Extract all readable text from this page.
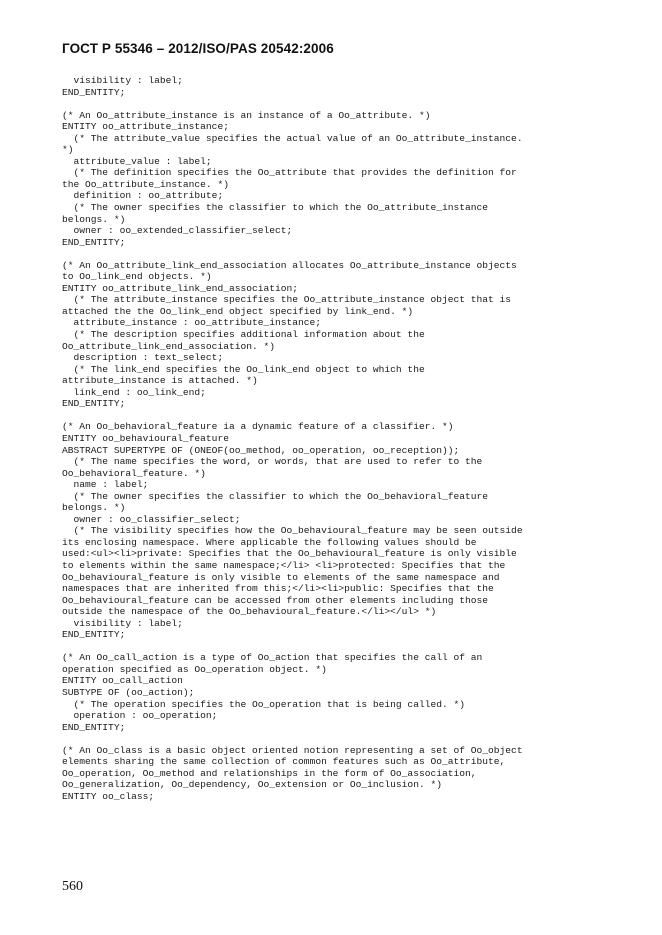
ГОСТ Р 55346 – 2012/ISO/PAS 20542:2006
visibility : label;
END_ENTITY;
(* An Oo_attribute_instance is an instance of a Oo_attribute. *)
ENTITY oo_attribute_instance;
(* The attribute_value specifies the actual value of an Oo_attribute_instance.
*)
attribute_value : label;
(* The definition specifies the Oo_attribute that provides the definition for
the Oo_attribute_instance. *)
definition : oo_attribute;
(* The owner specifies the classifier to which the Oo_attribute_instance
belongs. *)
owner : oo_extended_classifier_select;
END_ENTITY;
(* An Oo_attribute_link_end_association allocates Oo_attribute_instance objects
to Oo_link_end objects. *)
ENTITY oo_attribute_link_end_association;
(* The attribute_instance specifies the Oo_attribute_instance object that is
attached the the Oo_link_end object specified by link_end. *)
attribute_instance : oo_attribute_instance;
(* The description specifies additional information about the
Oo_attribute_link_end_association. *)
description : text_select;
(* The link_end specifies the Oo_link_end object to which the
attribute_instance is attached. *)
link_end : oo_link_end;
END_ENTITY;
(* An Oo_behavioral_feature ia a dynamic feature of a classifier. *)
ENTITY oo_behavioural_feature
ABSTRACT SUPERTYPE OF (ONEOF(oo_method, oo_operation, oo_reception));
(* The name specifies the word, or words, that are used to refer to the
Oo_behavioral_feature. *)
name : label;
(* The owner specifies the classifier to which the Oo_behavioral_feature
belongs. *)
owner : oo_classifier_select;
(* The visibility specifies how the Oo_behavioural_feature may be seen outside
its enclosing namespace. Where applicable the following values should be
used:<ul><li>private: Specifies that the Oo_behavioural_feature is only visible
to elements within the same namespace;</li> <li>protected: Specifies that the
Oo_behavioural_feature is only visible to elements of the same namespace and
namespaces that are inherited from this;</li><li>public: Specifies that the
Oo_behavioural_feature can be accessed from other elements including those
outside the namespace of the Oo_behavioural_feature.</li></ul> *)
visibility : label;
END_ENTITY;
(* An Oo_call_action is a type of Oo_action that specifies the call of an
operation specified as Oo_operation object. *)
ENTITY oo_call_action
SUBTYPE OF (oo_action);
(* The operation specifies the Oo_operation that is being called. *)
operation : oo_operation;
END_ENTITY;
(* An Oo_class is a basic object oriented notion representing a set of Oo_object
elements sharing the same collection of common features such as Oo_attribute,
Oo_operation, Oo_method and relationships in the form of Oo_association,
Oo_generalization, Oo_dependency, Oo_extension or Oo_inclusion. *)
ENTITY oo_class;
560
